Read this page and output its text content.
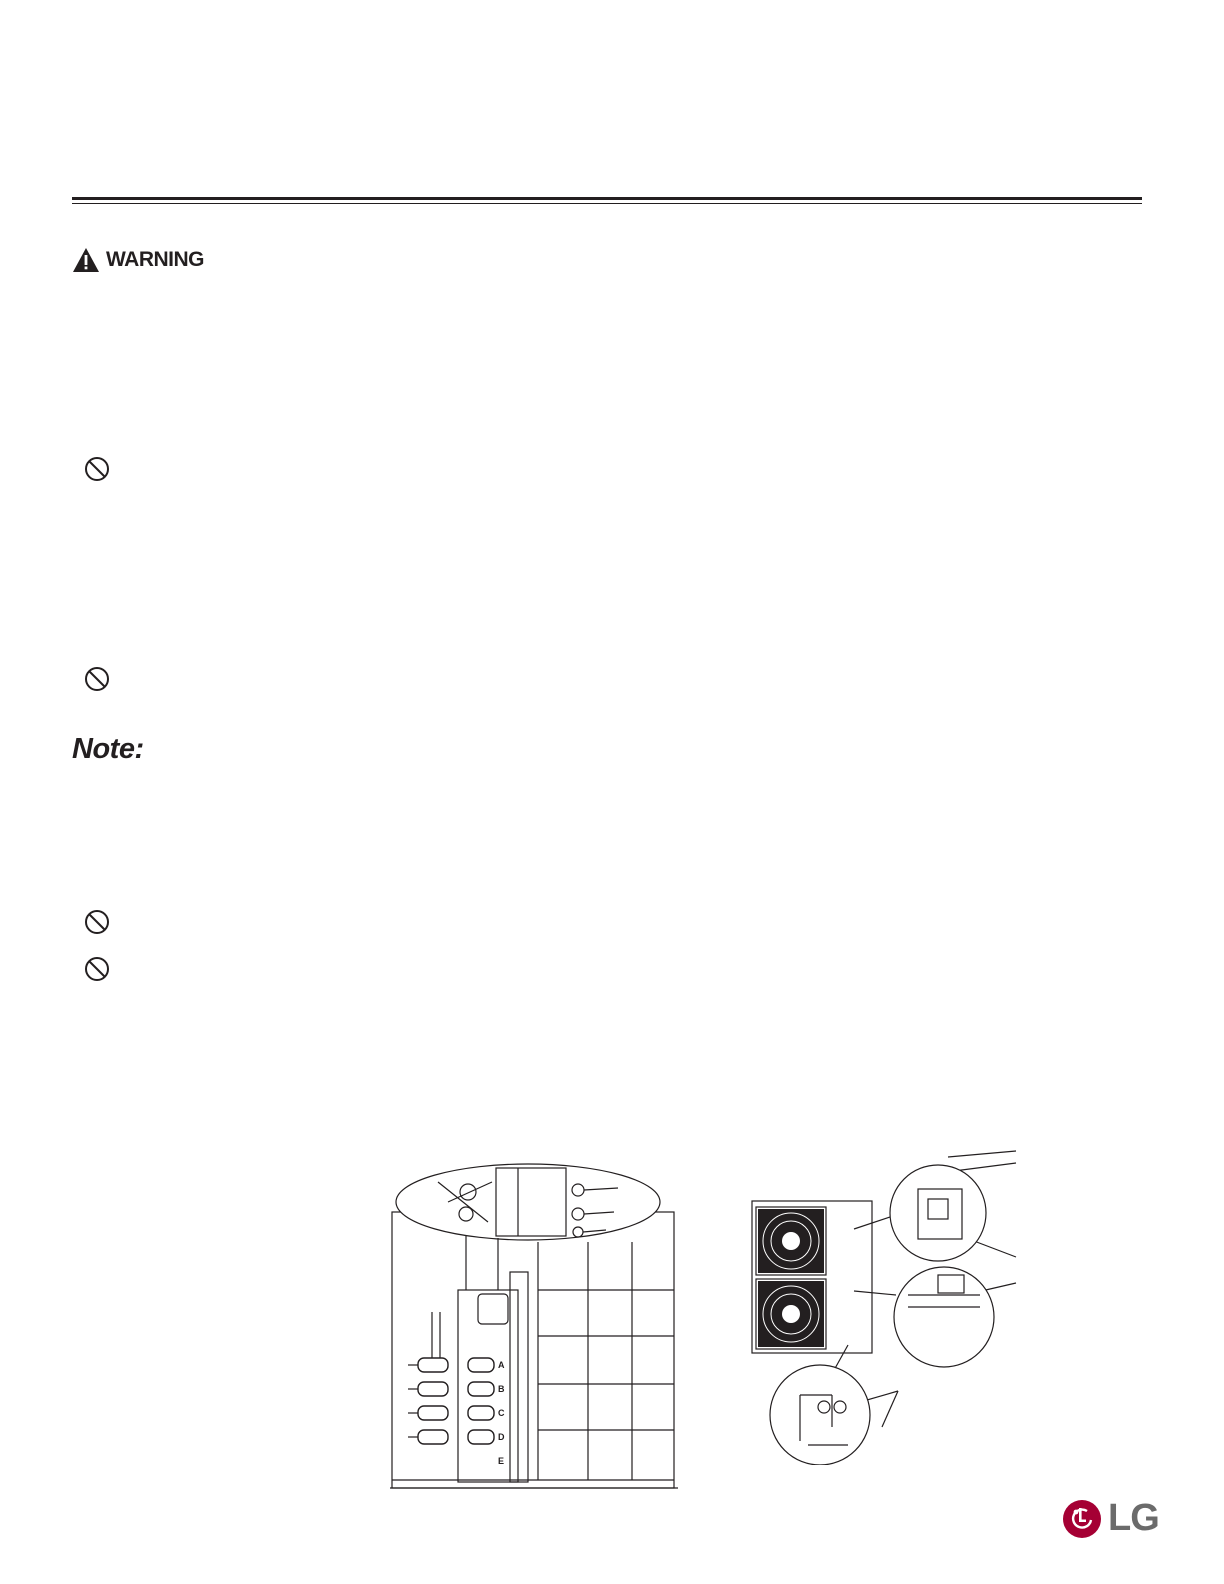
WARNING
Note:
A
B
C
D
E
LG
